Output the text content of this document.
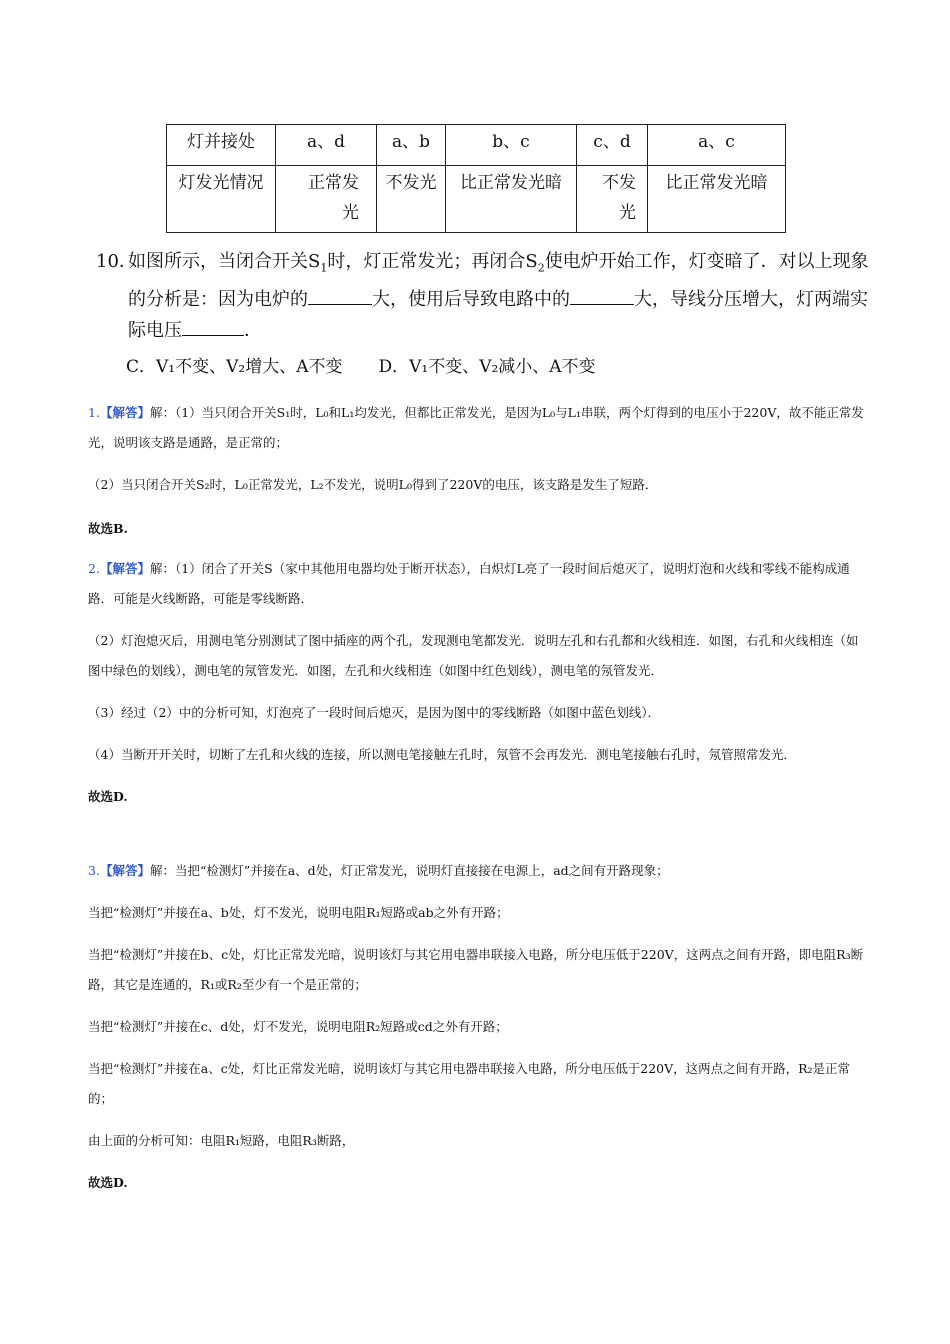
灯并接处	a、d	a、b	b、c	c、d	a、c
灯发光情况	正常发光	不发光	比正常发光暗	不发光	比正常发光暗
10．
如图所示，当闭合开关$S_1$时，灯正常发光；再闭合$S_2$使电炉开始工作，灯变暗了．对以上现象的分析是：因为电炉的	大，使用后导致电路中的	大，导线分压增大，灯两端实际电压	．
C．V₁不变、V₂增大、A不变 D．V₁不变、V₂减小、A不变
1.【解答】解：（1）当只闭合开关S₁时，L₀和L₁均发光，但都比正常发光，是因为L₀与L₁串联，两个灯得到的电压小于220V，故不能正常发光，说明该支路是通路，是正常的；
（2）当只闭合开关S₂时，L₀正常发光，L₂不发光，说明L₀得到了220V的电压，该支路是发生了短路．
故选B.
2.【解答】解：（1）闭合了开关S（家中其他用电器均处于断开状态），白炽灯L亮了一段时间后熄灭了，说明灯泡和火线和零线不能构成通路．可能是火线断路，可能是零线断路．
（2）灯泡熄灭后，用测电笔分别测试了图中插座的两个孔，发现测电笔都发光．说明左孔和右孔都和火线相连．如图，右孔和火线相连（如图中绿色的划线），测电笔的氖管发光．如图，左孔和火线相连（如图中红色划线），测电笔的氖管发光．
（3）经过（2）中的分析可知，灯泡亮了一段时间后熄灭，是因为图中的零线断路（如图中蓝色划线）．
（4）当断开开关时，切断了左孔和火线的连接，所以测电笔接触左孔时，氖管不会再发光．测电笔接触右孔时，氖管照常发光．
故选D.
3.【解答】解：当把“检测灯”并接在a、d处，灯正常发光，说明灯直接接在电源上，ad之间有开路现象；
当把“检测灯”并接在a、b处，灯不发光，说明电阻R₁短路或ab之外有开路；
当把“检测灯”并接在b、c处，灯比正常发光暗，说明该灯与其它用电器串联接入电路，所分电压低于220V，这两点之间有开路，即电阻R₃断路，其它是连通的，R₁或R₂至少有一个是正常的；
当把“检测灯”并接在c、d处，灯不发光，说明电阻R₂短路或cd之外有开路；
当把“检测灯”并接在a、c处，灯比正常发光暗，说明该灯与其它用电器串联接入电路，所分电压低于220V，这两点之间有开路，R₂是正常的；
由上面的分析可知：电阻R₁短路，电阻R₃断路，
故选D.
